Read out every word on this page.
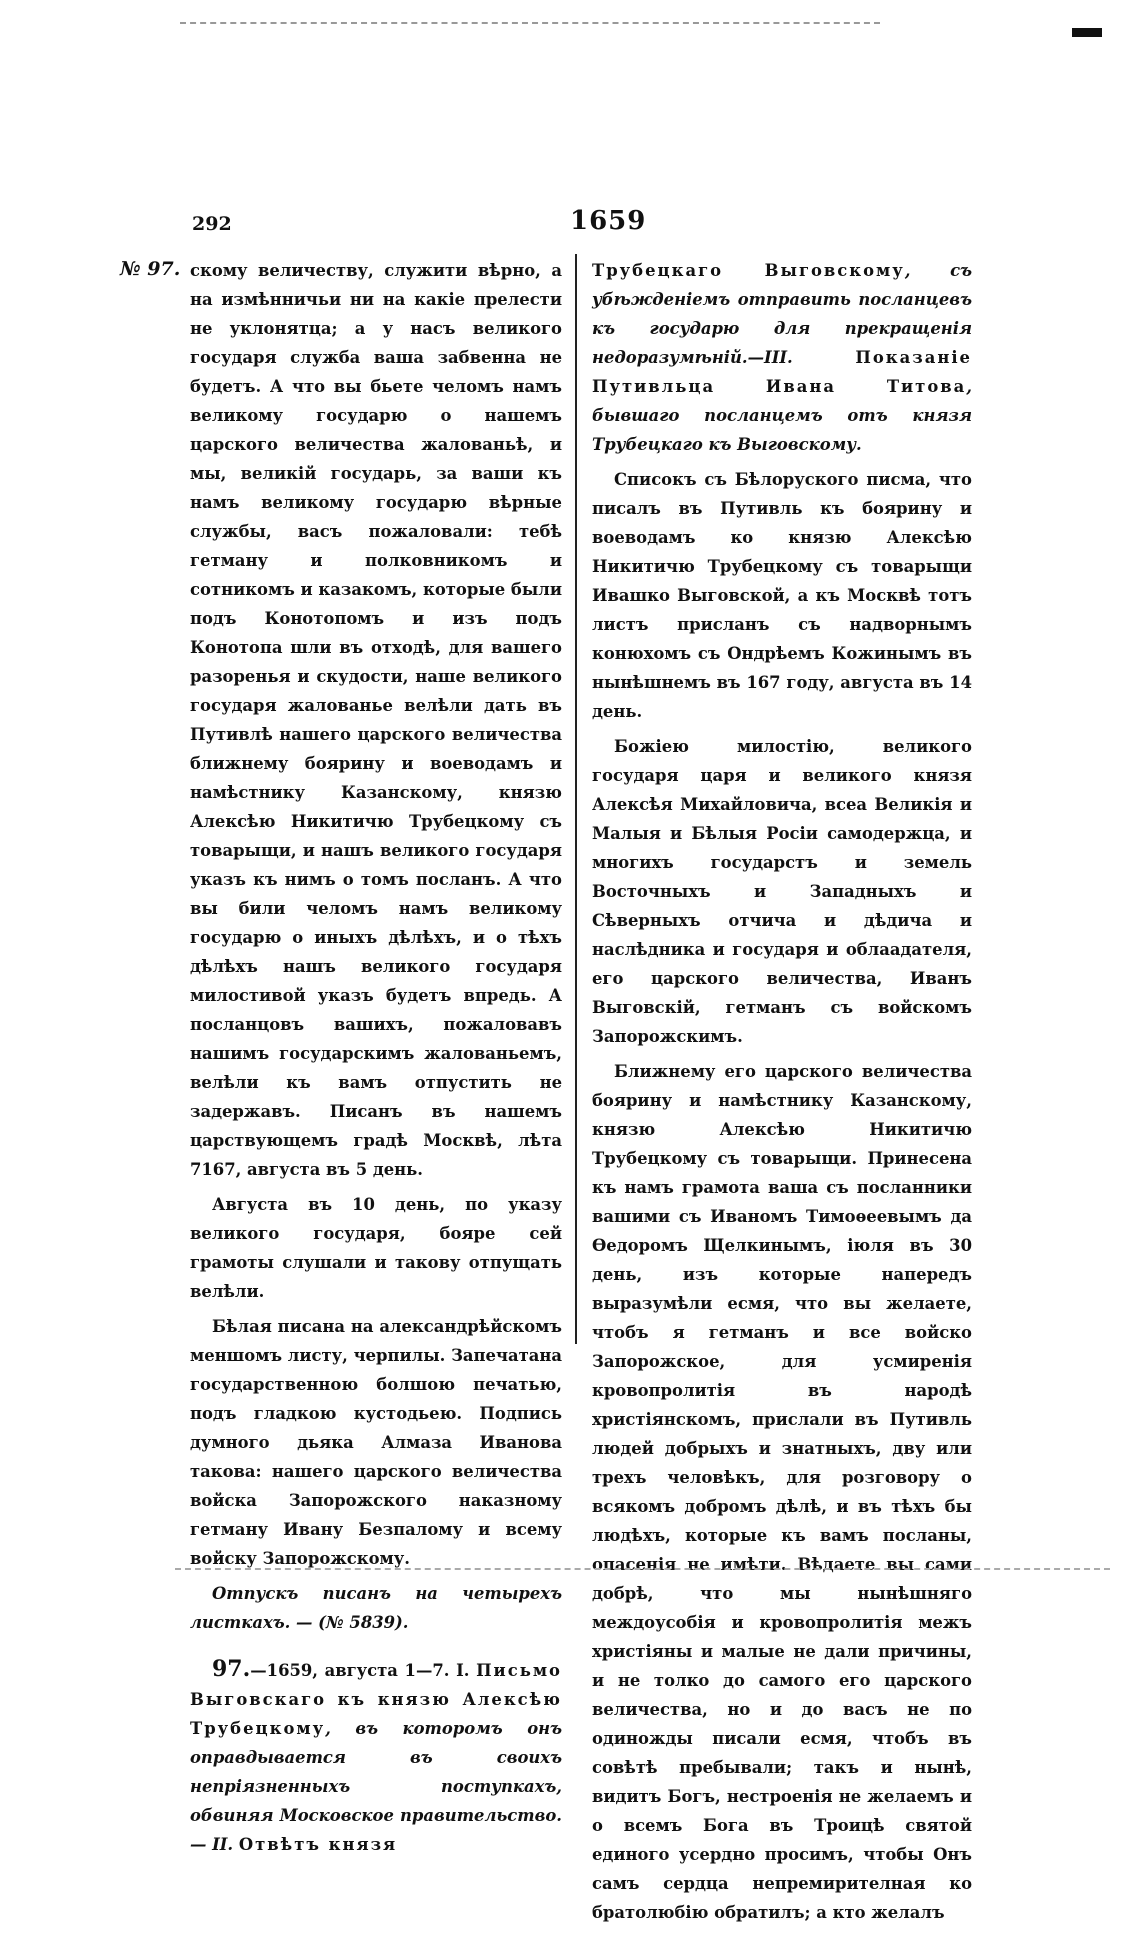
292	1659
№ 97. скому величеству, служити вѣрно, а на измѣнничьи ни на какіе прелести не уклонятца; а у насъ великого государя служба ваша забвенна не будетъ. А что вы бьете челомъ намъ великому государю о нашемъ царского величества жалованьѣ, и мы, великій государь, за ваши къ намъ великому государю вѣрные службы, васъ пожаловали: тебѣ гетману и полковникомъ и сотникомъ и казакомъ, которые были подъ Конотопомъ и изъ подъ Конотопа шли въ отходѣ, для вашего разоренья и скудости, наше великого государя жалованье велѣли дать въ Путивлѣ нашего царского величества ближнему боярину и воеводамъ и намѣстнику Казанскому, князю Алексѣю Никитичю Трубецкому съ товарыщи, и нашъ великого государя указъ къ нимъ о томъ посланъ. А что вы били челомъ намъ великому государю о иныхъ дѣлѣхъ, и о тѣхъ дѣлѣхъ нашъ великого государя милостивой указъ будетъ впредь. А посланцовъ вашихъ, пожаловавъ нашимъ государскимъ жалованьемъ, велѣли къ вамъ отпустить не задержавъ. Писанъ въ нашемъ царствующемъ градѣ Москвѣ, лѣта 7167, августа въ 5 день.

Августа въ 10 день, по указу великого государя, бояре сей грамоты слушали и такову отпущать велѣли.

Бѣлая писана на александрѣйскомъ меншомъ листу, черпилы. Запечатана государственною болшою печатью, подъ гладкою кустодьею. Подпись думного дьяка Алмаза Иванова такова: нашего царского величества войска Запорожского наказному гетману Ивану Безпалому и всему войску Запорожскому.

Отпускъ писанъ на четырехъ листкахъ. — (№ 5839).

97.—1659, августа 1—7. I. Письмо Выговскаго къ князю Алексѣю Трубецкому, въ которомъ онъ оправдывается въ своихъ непріязненныхъ поступкахъ, обвиняя Московское правительство. — II. Отвѣтъ князя

Трубецкаго Выговскому, съ убѣжденіемъ отправить посланцевъ къ государю для прекращенія недоразумѣній.—III. Показаніе Путивльца Ивана Титова, бывшаго посланцемъ отъ князя Трубецкаго къ Выговскому.

Списокъ съ Бѣлоруского писма, что писалъ въ Путивль къ боярину и воеводамъ ко князю Алексѣю Никитичю Трубецкому съ товарыщи Ивашко Выговской, а къ Москвѣ тотъ листъ присланъ съ надворнымъ конюхомъ съ Ондрѣемъ Кожинымъ въ нынѣшнемъ въ 167 году, августа въ 14 день.

Божіею милостію, великого государя царя и великого князя Алексѣя Михайловича, всеа Великія и Малыя и Бѣлыя Росіи самодержца, и многихъ государстъ и земель Восточныхъ и Западныхъ и Сѣверныхъ отчича и дѣдича и наслѣдника и государя и облаадателя, его царского величества, Иванъ Выговскій, гетманъ съ войскомъ Запорожскимъ.

Ближнему его царского величества боярину и намѣстнику Казанскому, князю Алексѣю Никитичю Трубецкому съ товарыщи. Принесена къ намъ грамота ваша съ посланники вашими съ Иваномъ Тимоѳеевымъ да Ѳедоромъ Щелкинымъ, іюля въ 30 день, изъ которые напередъ выразумѣли есмя, что вы желаете, чтобъ я гетманъ и все войско Запорожское, для усмиренія кровопролитія въ народѣ христіянскомъ, прислали въ Путивль людей добрыхъ и знатныхъ, дву или трехъ человѣкъ, для розговору о всякомъ добромъ дѣлѣ, и въ тѣхъ бы людѣхъ, которые къ вамъ посланы, опасенія не имѣти. Вѣдаете вы сами добрѣ, что мы нынѣшняго междоусобія и кровопролитія межъ христіяны и малые не дали причины, и не толко до самого его царского величества, но и до васъ не по одиножды писали есмя, чтобъ въ совѣтѣ пребывали; такъ и нынѣ, видитъ Богъ, нестроенія не желаемъ и о всемъ Бога въ Троицѣ святой единого усердно просимъ, чтобы Онъ самъ сердца непремирителная ко братолюбію обратилъ; а кто желалъ
